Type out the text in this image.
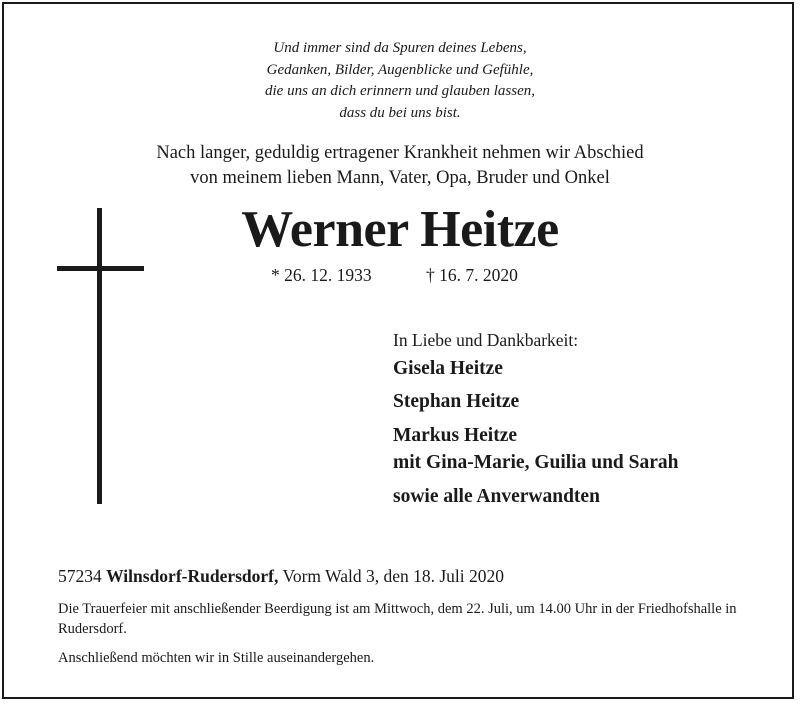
Und immer sind da Spuren deines Lebens,
Gedanken, Bilder, Augenblicke und Gefühle,
die uns an dich erinnern und glauben lassen,
dass du bei uns bist.
Nach langer, geduldig ertragener Krankheit nehmen wir Abschied
von meinem lieben Mann, Vater, Opa, Bruder und Onkel
Werner Heitze
* 26. 12. 1933	† 16. 7. 2020
In Liebe und Dankbarkeit:
Gisela Heitze
Stephan Heitze
Markus Heitze
mit Gina-Marie, Guilia und Sarah
sowie alle Anverwandten
57234 Wilnsdorf-Rudersdorf, Vorm Wald 3, den 18. Juli 2020
Die Trauerfeier mit anschließender Beerdigung ist am Mittwoch, dem 22. Juli, um 14.00 Uhr in der Friedhofshalle in Rudersdorf.
Anschließend möchten wir in Stille auseinandergehen.
